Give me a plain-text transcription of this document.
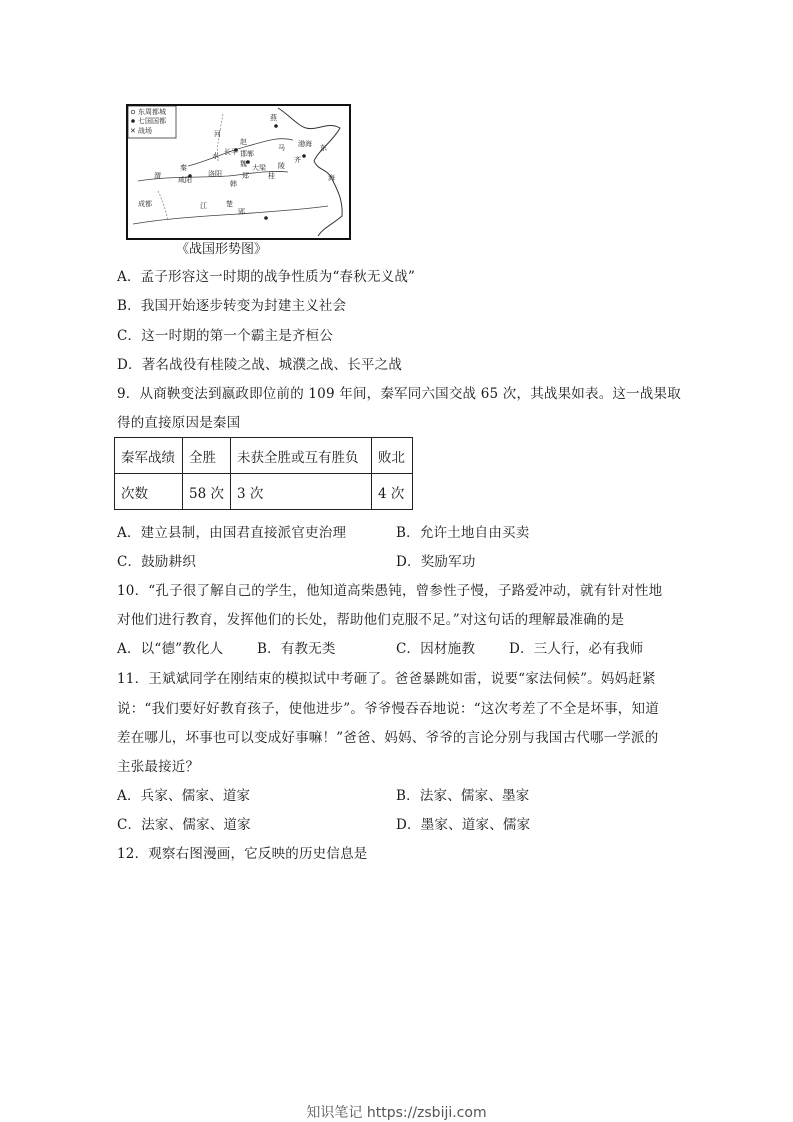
✕
东周都城
七国国都
战场
燕
渤海
河
赵
长平 邯郸
水
魏 大梁
齐
秦
咸阳
渭	洛阳
韩
郑
江	楚
郢
成都
东
海
陵
马
桂
《战国形势图》
A．孟子形容这一时期的战争性质为“春秋无义战”
B．我国开始逐步转变为封建主义社会
C．这一时期的第一个霸主是齐桓公
D．著名战役有桂陵之战、城濮之战、长平之战
9．从商鞅变法到嬴政即位前的 109 年间，秦军同六国交战 65 次，其战果如表。这一战果取
得的直接原因是秦国
秦军战绩	全胜	未获全胜或互有胜负	败北
次数	58 次	3 次	4 次
A．建立县制，由国君直接派官吏治理	B．允许土地自由买卖
C．鼓励耕织	D．奖励军功
10．“孔子很了解自己的学生，他知道高柴愚钝，曾参性子慢，子路爱冲动，就有针对性地
对他们进行教育，发挥他们的长处，帮助他们克服不足。”对这句话的理解最准确的是
A．以“德”教化人 B．有教无类	C．因材施教	D．三人行，必有我师
11．王斌斌同学在刚结束的模拟试中考砸了。爸爸暴跳如雷，说要“家法伺候”。妈妈赶紧
说：“我们要好好教育孩子，使他进步”。爷爷慢吞吞地说：“这次考差了不全是坏事，知道
差在哪儿，坏事也可以变成好事嘛！”爸爸、妈妈、爷爷的言论分别与我国古代哪一学派的
主张最接近？
A．兵家、儒家、道家	B．法家、儒家、墨家
C．法家、儒家、道家	D．墨家、道家、儒家
12．观察右图漫画，它反映的历史信息是
知识笔记 https://zsbiji.com
